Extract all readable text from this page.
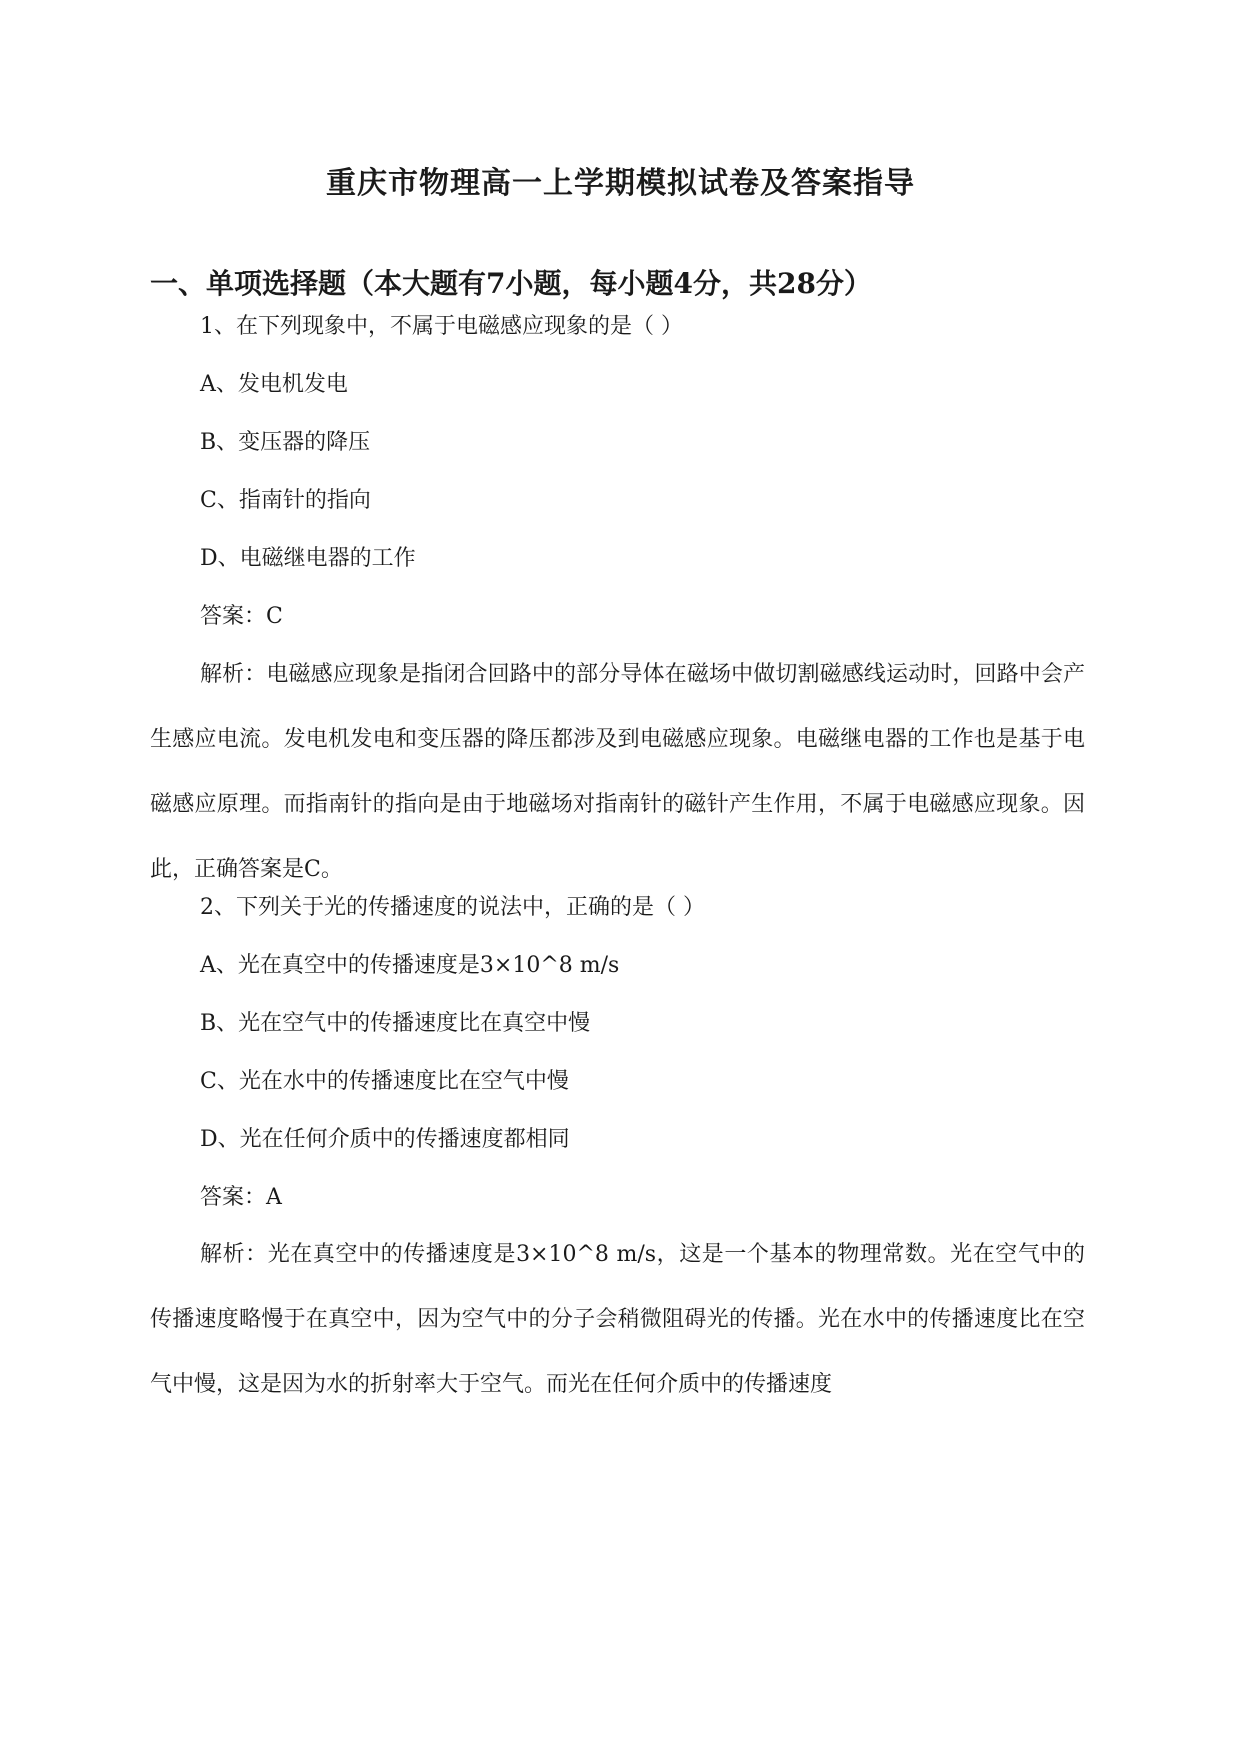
重庆市物理高一上学期模拟试卷及答案指导
一、单项选择题（本大题有7小题，每小题4分，共28分）

1、在下列现象中，不属于电磁感应现象的是（ ）

A、发电机发电

B、变压器的降压

C、指南针的指向

D、电磁继电器的工作

答案：C

解析：电磁感应现象是指闭合回路中的部分导体在磁场中做切割磁感线运动时，回路中会产生感应电流。发电机发电和变压器的降压都涉及到电磁感应现象。电磁继电器的工作也是基于电磁感应原理。而指南针的指向是由于地磁场对指南针的磁针产生作用，不属于电磁感应现象。因此，正确答案是C。

2、下列关于光的传播速度的说法中，正确的是（ ）

A、光在真空中的传播速度是3×10^8 m/s

B、光在空气中的传播速度比在真空中慢

C、光在水中的传播速度比在空气中慢

D、光在任何介质中的传播速度都相同

答案：A

解析：光在真空中的传播速度是3×10^8 m/s，这是一个基本的物理常数。光在空气中的传播速度略慢于在真空中，因为空气中的分子会稍微阻碍光的传播。光在水中的传播速度比在空气中慢，这是因为水的折射率大于空气。而光在任何介质中的传播速度
